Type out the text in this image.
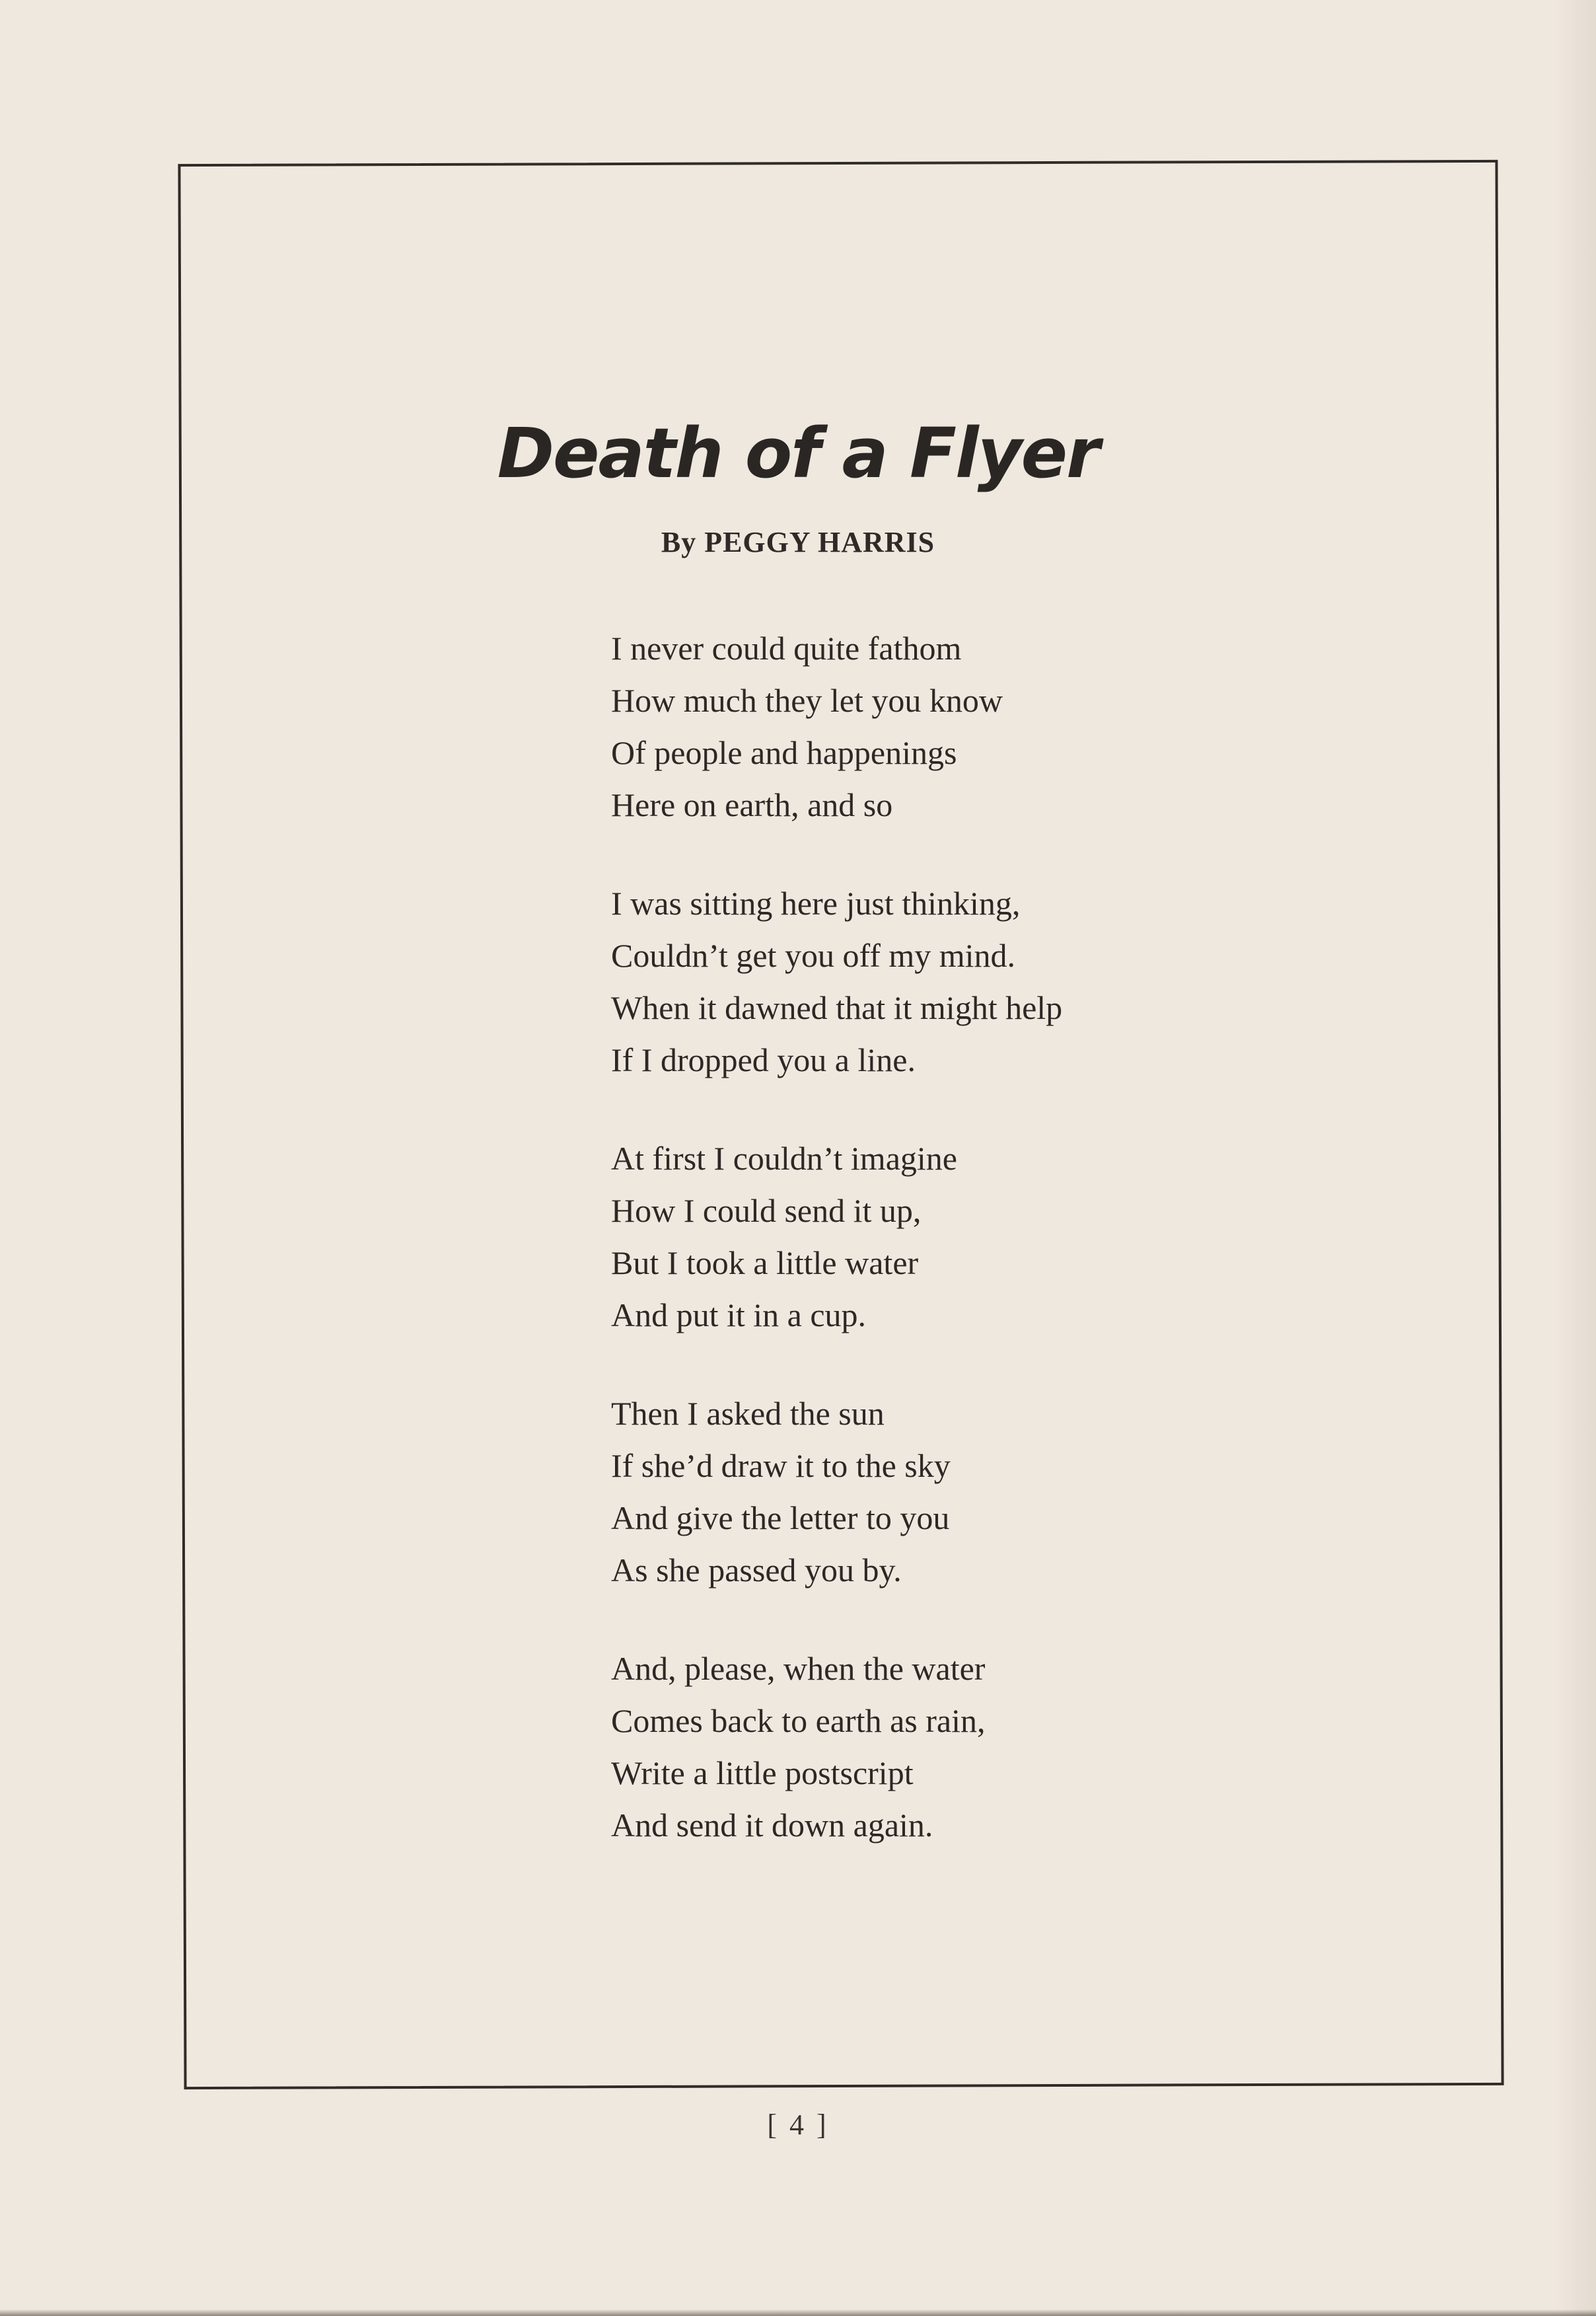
Death of a Flyer

By PEGGY HARRIS

I never could quite fathom
How much they let you know
Of people and happenings
Here on earth, and so
I was sitting here just thinking,
Couldn’t get you off my mind.
When it dawned that it might help
If I dropped you a line.
At first I couldn’t imagine
How I could send it up,
But I took a little water
And put it in a cup.
Then I asked the sun
If she’d draw it to the sky
And give the letter to you
As she passed you by.
And, please, when the water
Comes back to earth as rain,
Write a little postscript
And send it down again.
[ 4 ]
